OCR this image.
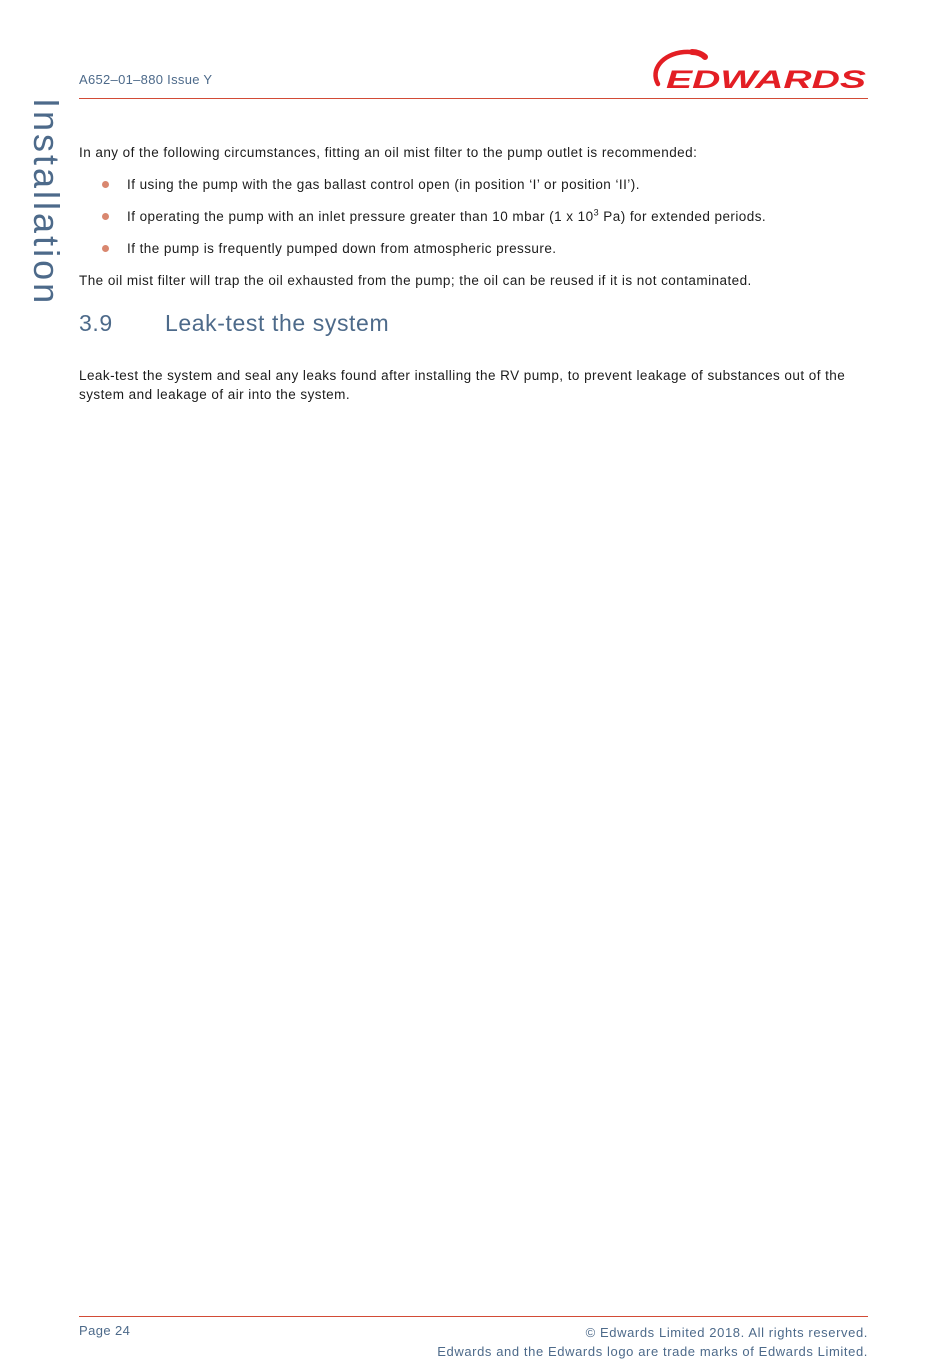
Installation
A652–01–880 Issue Y	EDWARDS
In any of the following circumstances, fitting an oil mist filter to the pump outlet is recommended:
If using the pump with the gas ballast control open (in position ‘I’ or position ‘II’).
If operating the pump with an inlet pressure greater than 10 mbar (1 x $10^3$ Pa) for extended periods.
If the pump is frequently pumped down from atmospheric pressure.
The oil mist filter will trap the oil exhausted from the pump; the oil can be reused if it is not contaminated.
3.9 Leak-test the system
Leak-test the system and seal any leaks found after installing the RV pump, to prevent leakage of substances out of the system and leakage of air into the system.
Page 24	© Edwards Limited 2018. All rights reserved.
Edwards and the Edwards logo are trade marks of Edwards Limited.
